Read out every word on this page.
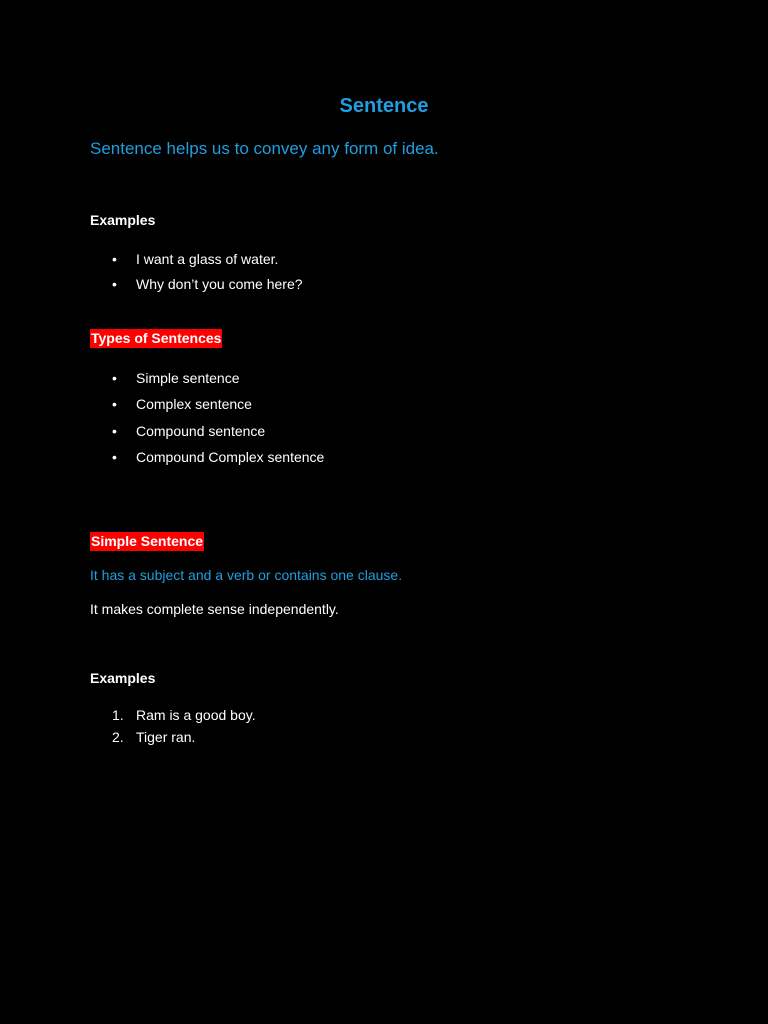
Sentence

Sentence helps us to convey any form of idea.

Examples

• I want a glass of water.
• Why don’t you come here?

Types of Sentences

• Simple sentence
• Complex sentence
• Compound sentence
• Compound Complex sentence

Simple Sentence

It has a subject and a verb or contains one clause.

It makes complete sense independently.

Examples

1. Ram is a good boy.
2. Tiger ran.
